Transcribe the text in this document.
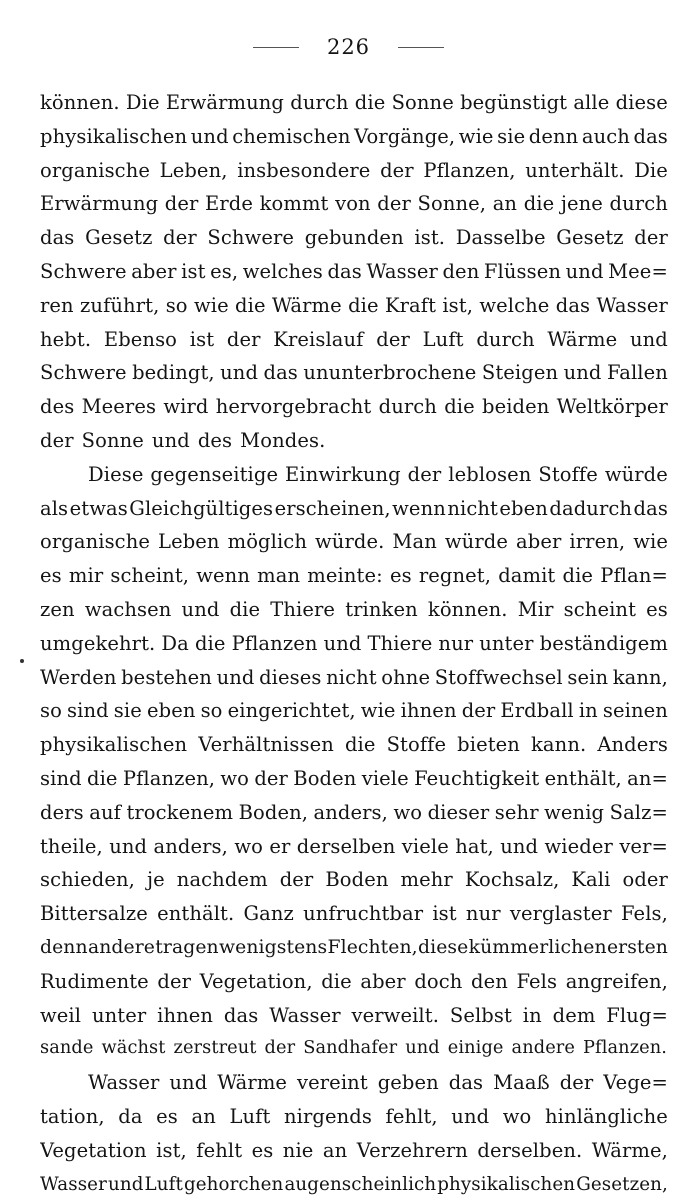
226
können. Die Erwärmung durch die Sonne begünstigt alle diese
physikalischen und chemischen Vorgänge, wie sie denn auch das
organische Leben, insbesondere der Pflanzen, unterhält. Die
Erwärmung der Erde kommt von der Sonne, an die jene durch
das Gesetz der Schwere gebunden ist. Dasselbe Gesetz der
Schwere aber ist es, welches das Wasser den Flüssen und Mee=
ren zuführt, so wie die Wärme die Kraft ist, welche das Wasser
hebt. Ebenso ist der Kreislauf der Luft durch Wärme und
Schwere bedingt, und das ununterbrochene Steigen und Fallen
des Meeres wird hervorgebracht durch die beiden Weltkörper
der Sonne und des Mondes.
Diese gegenseitige Einwirkung der leblosen Stoffe würde
als etwas Gleichgültiges erscheinen, wenn nicht eben dadurch das
organische Leben möglich würde. Man würde aber irren, wie
es mir scheint, wenn man meinte: es regnet, damit die Pflan=
zen wachsen und die Thiere trinken können. Mir scheint es
umgekehrt. Da die Pflanzen und Thiere nur unter beständigem
Werden bestehen und dieses nicht ohne Stoffwechsel sein kann,
so sind sie eben so eingerichtet, wie ihnen der Erdball in seinen
physikalischen Verhältnissen die Stoffe bieten kann. Anders
sind die Pflanzen, wo der Boden viele Feuchtigkeit enthält, an=
ders auf trockenem Boden, anders, wo dieser sehr wenig Salz=
theile, und anders, wo er derselben viele hat, und wieder ver=
schieden, je nachdem der Boden mehr Kochsalz, Kali oder
Bittersalze enthält. Ganz unfruchtbar ist nur verglaster Fels,
denn andere tragen wenigstens Flechten, diese kümmerlichen ersten
Rudimente der Vegetation, die aber doch den Fels angreifen,
weil unter ihnen das Wasser verweilt. Selbst in dem Flug=
sande wächst zerstreut der Sandhafer und einige andere Pflanzen.
Wasser und Wärme vereint geben das Maaß der Vege=
tation, da es an Luft nirgends fehlt, und wo hinlängliche
Vegetation ist, fehlt es nie an Verzehrern derselben. Wärme,
Wasser und Luft gehorchen augenscheinlich physikalischen Gesetzen,
